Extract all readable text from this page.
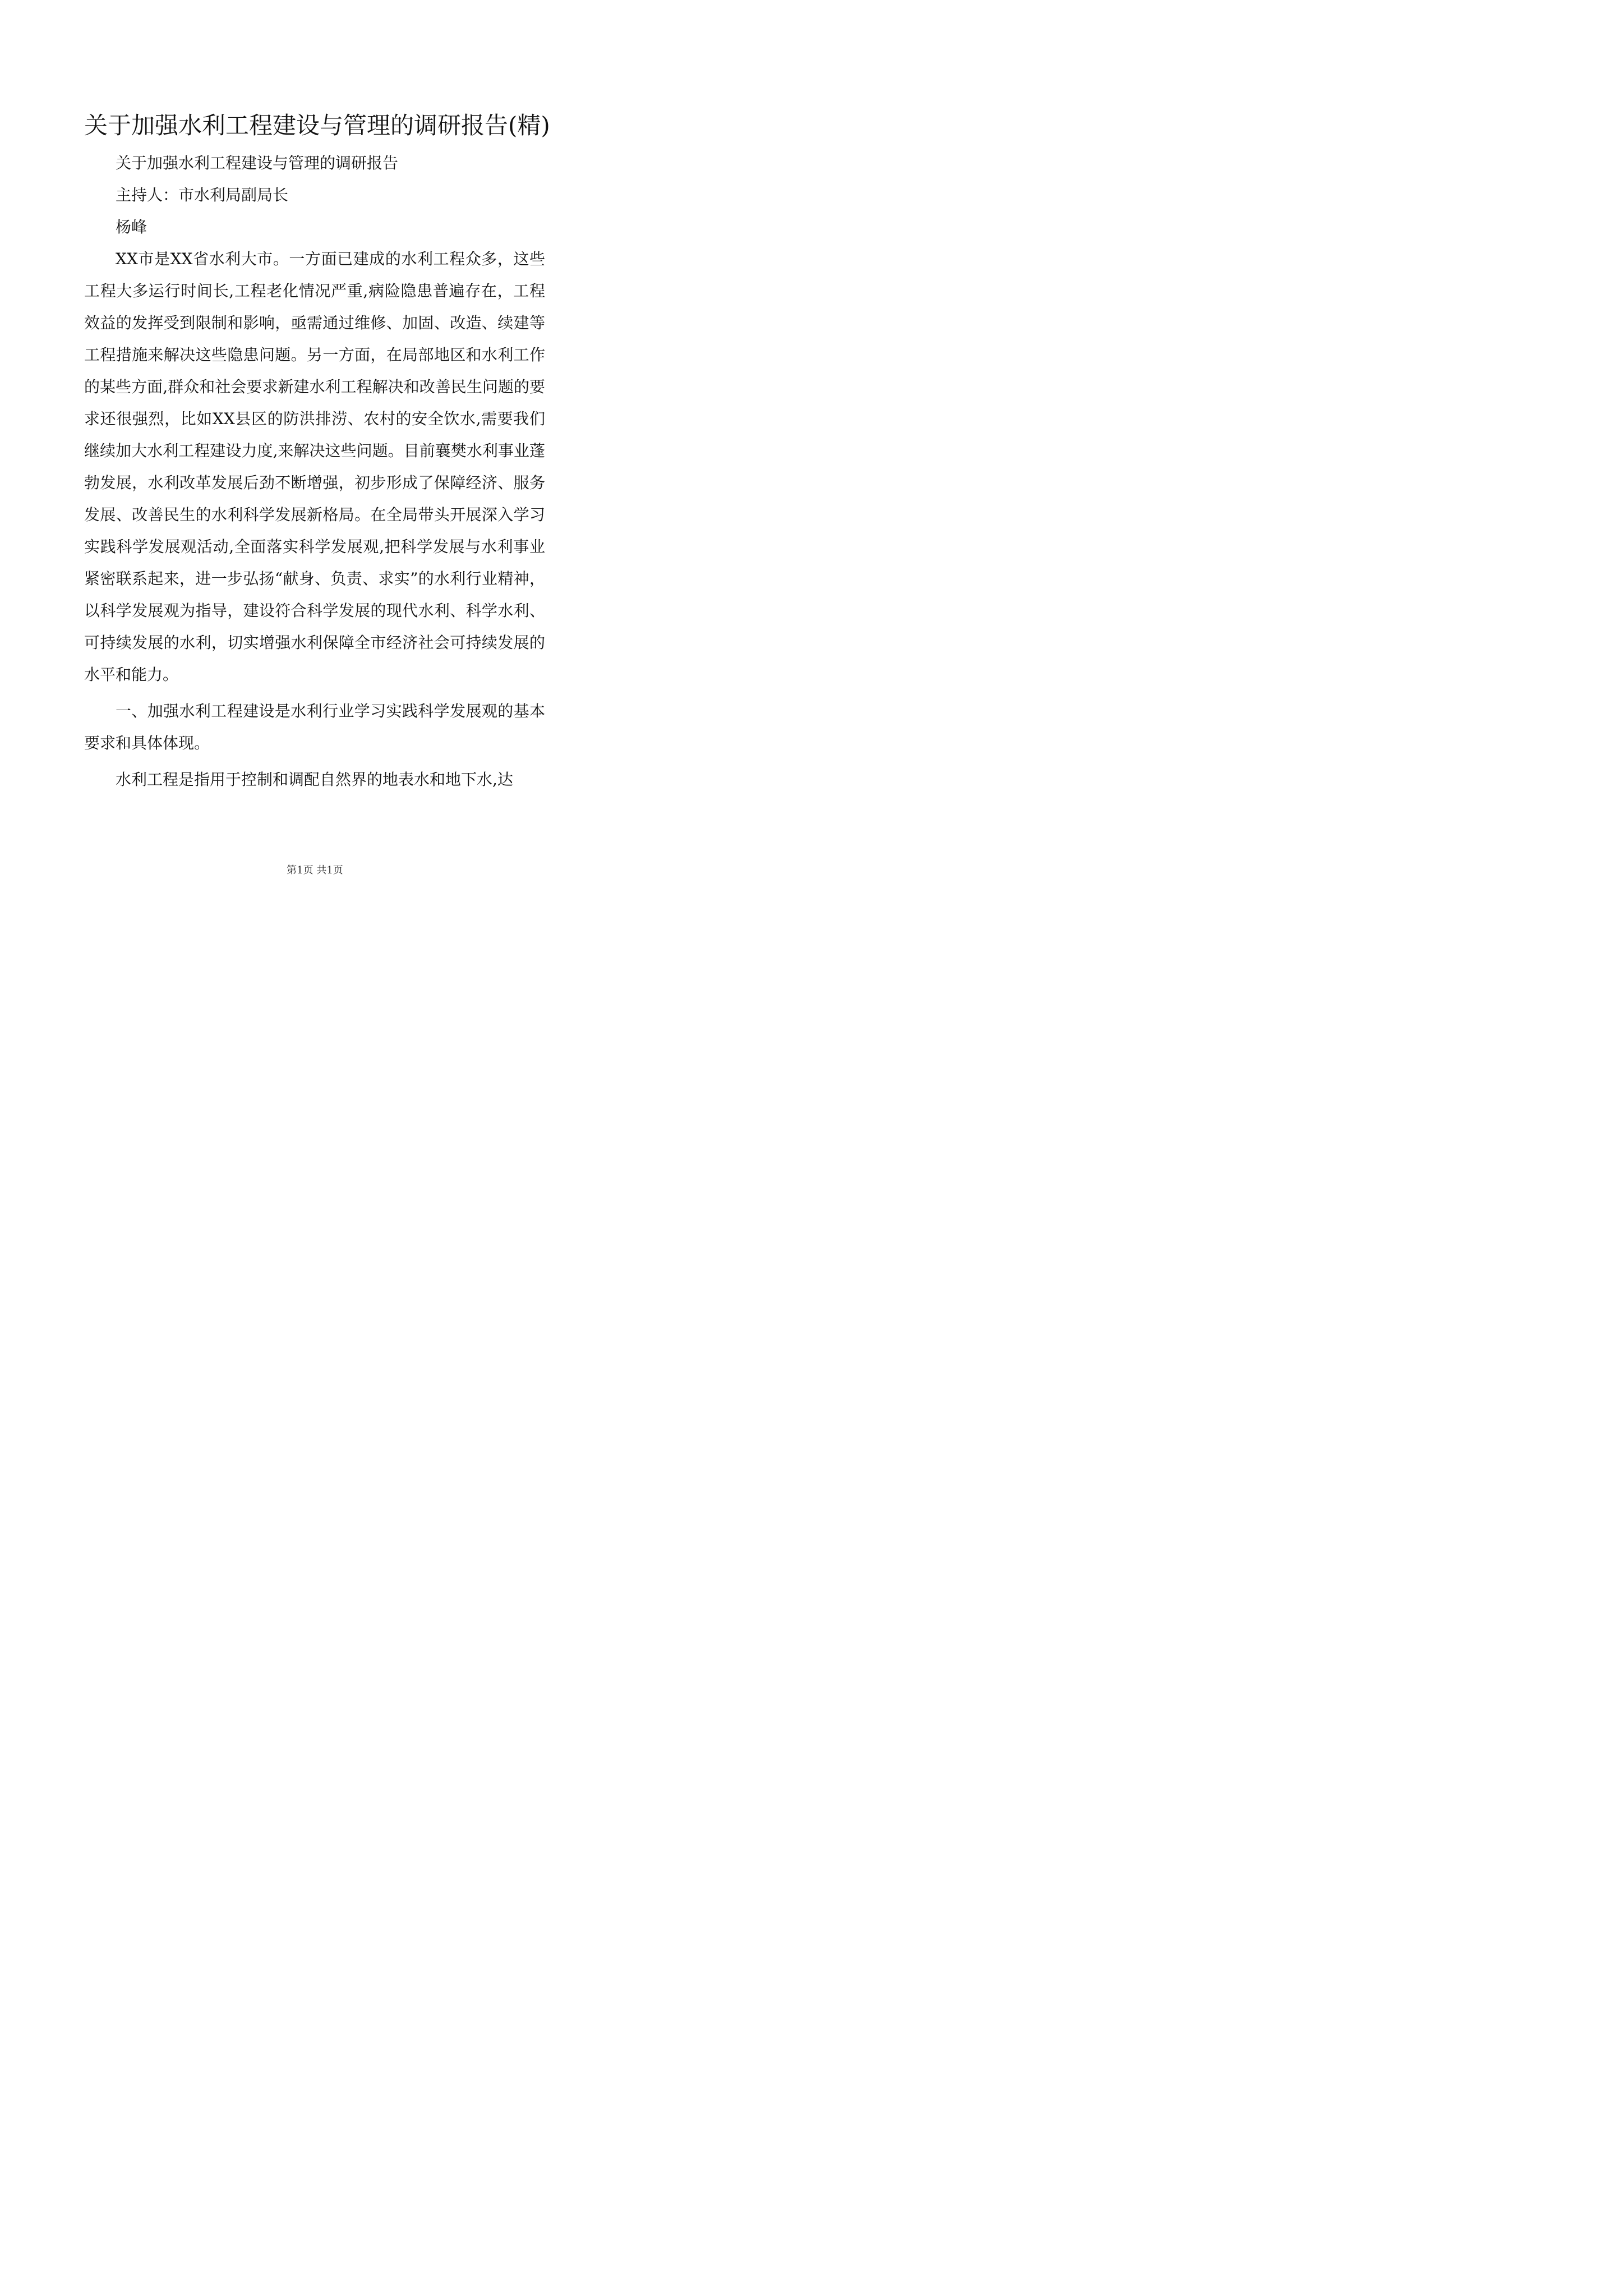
关于加强水利工程建设与管理的调研报告(精)

关于加强水利工程建设与管理的调研报告

主持人：市水利局副局长

杨峰

XX市是XX省水利大市。一方面已建成的水利工程众多，这些工程大多运行时间长,工程老化情况严重,病险隐患普遍存在，工程效益的发挥受到限制和影响，亟需通过维修、加固、改造、续建等工程措施来解决这些隐患问题。另一方面，在局部地区和水利工作的某些方面,群众和社会要求新建水利工程解决和改善民生问题的要求还很强烈，比如XX县区的防洪排涝、农村的安全饮水,需要我们继续加大水利工程建设力度,来解决这些问题。目前襄樊水利事业蓬勃发展，水利改革发展后劲不断增强，初步形成了保障经济、服务发展、改善民生的水利科学发展新格局。在全局带头开展深入学习实践科学发展观活动,全面落实科学发展观,把科学发展与水利事业紧密联系起来，进一步弘扬“献身、负责、求实”的水利行业精神，以科学发展观为指导，建设符合科学发展的现代水利、科学水利、可持续发展的水利，切实增强水利保障全市经济社会可持续发展的水平和能力。

一、加强水利工程建设是水利行业学习实践科学发展观的基本要求和具体体现。

水利工程是指用于控制和调配自然界的地表水和地下水,达

第1页 共1页
